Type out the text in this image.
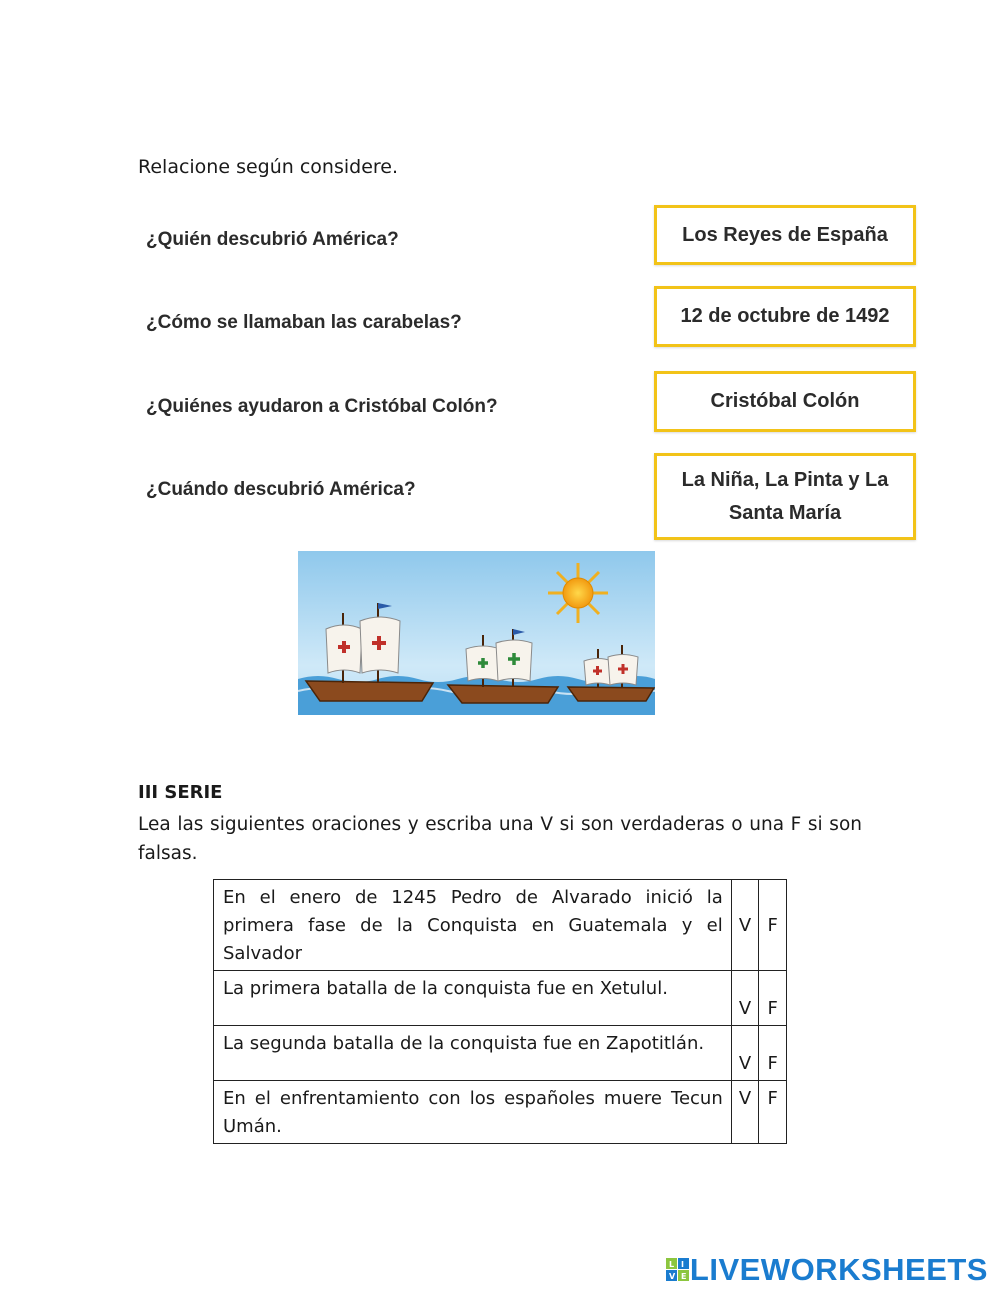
Relacione según considere.
¿Quién descubrió América?
¿Cómo se llamaban las carabelas?
¿Quiénes ayudaron a Cristóbal Colón?
¿Cuándo descubrió América?
Los Reyes de España
12 de octubre de 1492
Cristóbal Colón
La Niña, La Pinta y La Santa María
III SERIE
Lea las siguientes oraciones y escriba una V si son verdaderas o una F si son falsas.
En el enero de 1245 Pedro de Alvarado inició la primera fase de la Conquista en Guatemala y el Salvador	V	F
La primera batalla de la conquista fue en Xetulul.	V	F
La segunda batalla de la conquista fue en Zapotitlán.	V	F
En el enfrentamiento con los españoles muere Tecun Umán.	V	F
L I
V E LIVEWORKSHEETS
